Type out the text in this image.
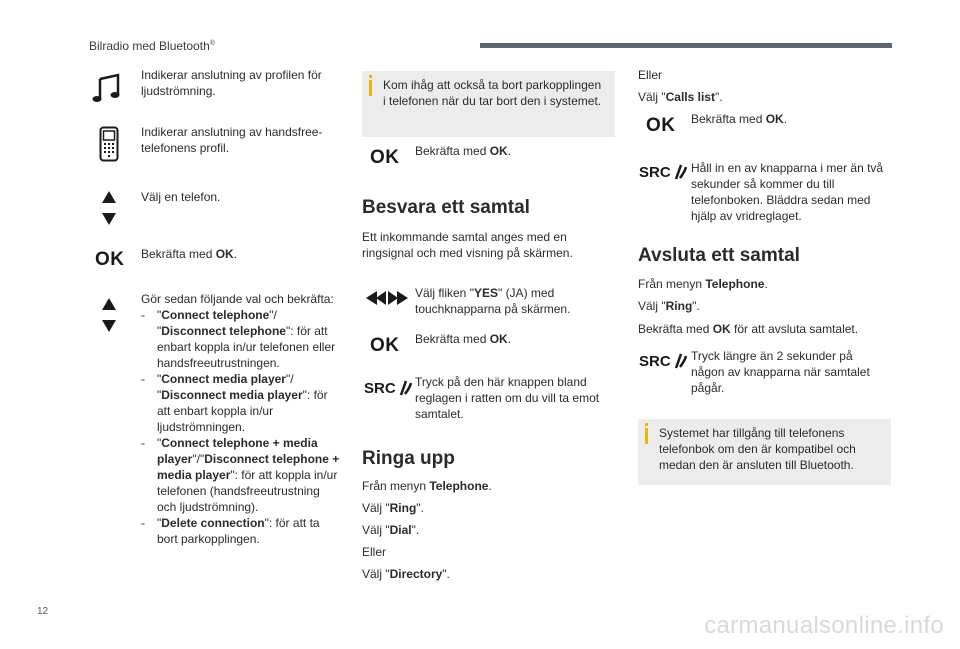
Bilradio med Bluetooth®
Indikerar anslutning av profilen för ljudströmning.
Indikerar anslutning av handsfree-telefonens profil.
Välj en telefon.
OK Bekräfta med OK.
Gör sedan följande val och bekräfta:
- "Connect telephone"/ "Disconnect telephone": för att enbart koppla in/ur telefonen eller handsfreeutrustningen.
- "Connect media player"/ "Disconnect media player": för att enbart koppla in/ur ljudströmningen.
- "Connect telephone + media player"/"Disconnect telephone + media player": för att koppla in/ur telefonen (handsfreeutrustning och ljudströmning).
- "Delete connection": för att ta bort parkopplingen.
Kom ihåg att också ta bort parkopplingen i telefonen när du tar bort den i systemet.
OK Bekräfta med OK.
Besvara ett samtal
Ett inkommande samtal anges med en ringsignal och med visning på skärmen.
Välj fliken "YES" (JA) med touchknapparna på skärmen.
OK Bekräfta med OK.
SRC	Tryck på den här knappen bland reglagen i ratten om du vill ta emot samtalet.
Ringa upp
Från menyn Telephone.
Välj "Ring".
Välj "Dial".
Eller
Välj "Directory".
Eller
Välj "Calls list".
OK Bekräfta med OK.
SRC	Håll in en av knapparna i mer än två sekunder så kommer du till telefonboken. Bläddra sedan med hjälp av vridreglaget.
Avsluta ett samtal
Från menyn Telephone.
Välj "Ring".
Bekräfta med OK för att avsluta samtalet.
SRC	Tryck längre än 2 sekunder på någon av knapparna när samtalet pågår.
Systemet har tillgång till telefonens telefonbok om den är kompatibel och medan den är ansluten till Bluetooth.
12
carmanualsonline.info
